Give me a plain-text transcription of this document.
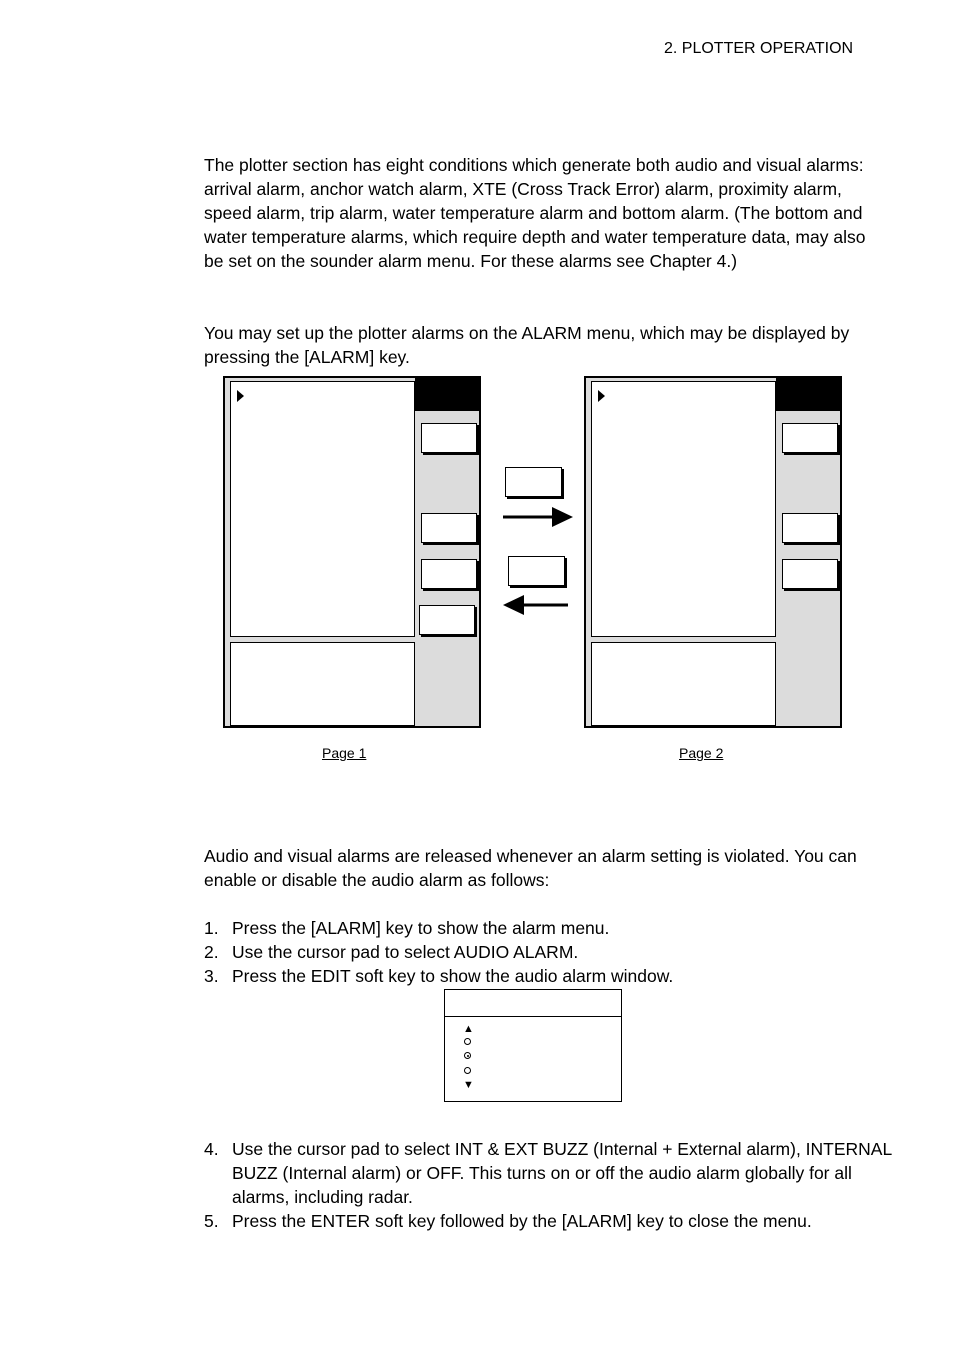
2. PLOTTER OPERATION
The plotter section has eight conditions which generate both audio and visual alarms: arrival alarm, anchor watch alarm, XTE (Cross Track Error) alarm, proximity alarm, speed alarm, trip alarm, water temperature alarm and bottom alarm. (The bottom and water temperature alarms, which require depth and water temperature data, may also be set on the sounder alarm menu. For these alarms see Chapter 4.)
You may set up the plotter alarms on the ALARM menu, which may be displayed by pressing the [ALARM] key.
Page 1	Page 2
Audio and visual alarms are released whenever an alarm setting is violated. You can enable or disable the audio alarm as follows:
1. Press the [ALARM] key to show the alarm menu.
2. Use the cursor pad to select AUDIO ALARM.
3. Press the EDIT soft key to show the audio alarm window.
▲
▼
4. Use the cursor pad to select INT & EXT BUZZ (Internal + External alarm), INTERNAL BUZZ (Internal alarm) or OFF. This turns on or off the audio alarm globally for all alarms, including radar.
5. Press the ENTER soft key followed by the [ALARM] key to close the menu.
